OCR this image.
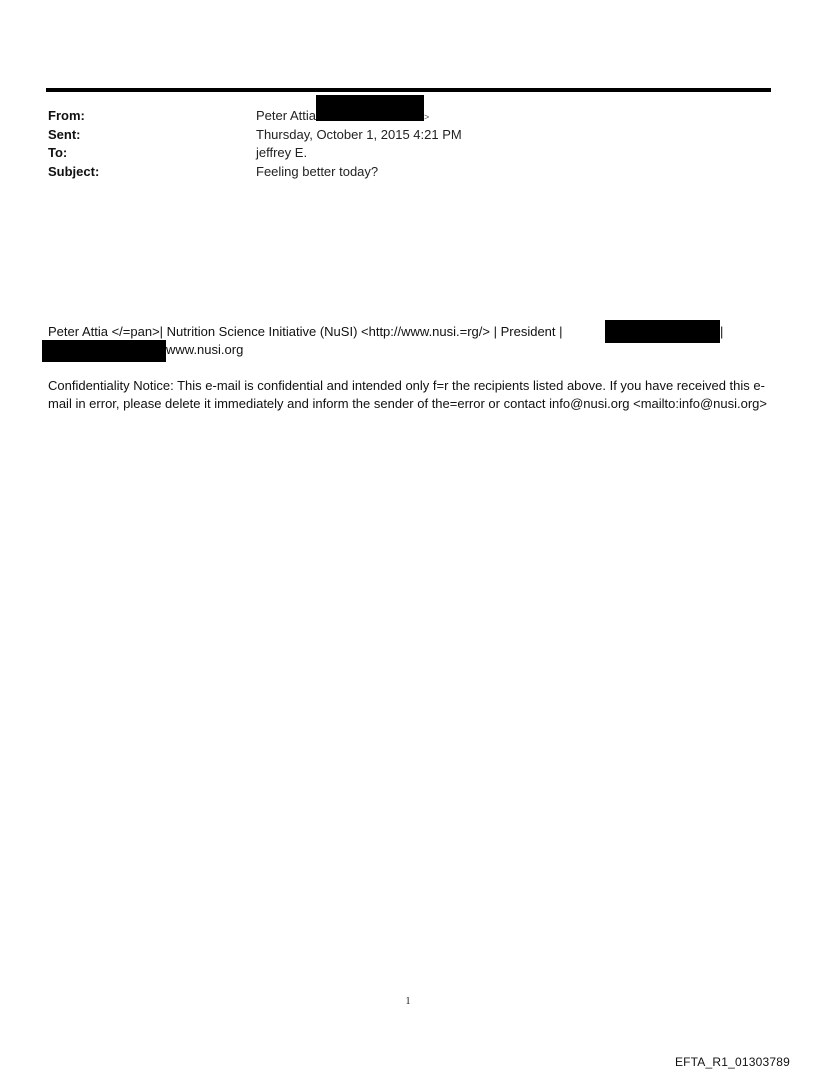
From:	Peter Attia	>
Sent:	Thursday, October 1, 2015 4:21 PM
To:	jeffrey E.
Subject:	Feeling better today?
Peter Attia </=pan>| Nutrition Science Initiative (NuSI) <http://www.nusi.=rg/> | President |	|
www.nusi.org

Confidentiality Notice: This e-mail is confidential and intended only f=r the recipients listed above. If you have received this e-mail in error, please delete it immediately and inform the sender of the=error or contact info@nusi.org <mailto:info@nusi.org>

1
EFTA_R1_01303789
